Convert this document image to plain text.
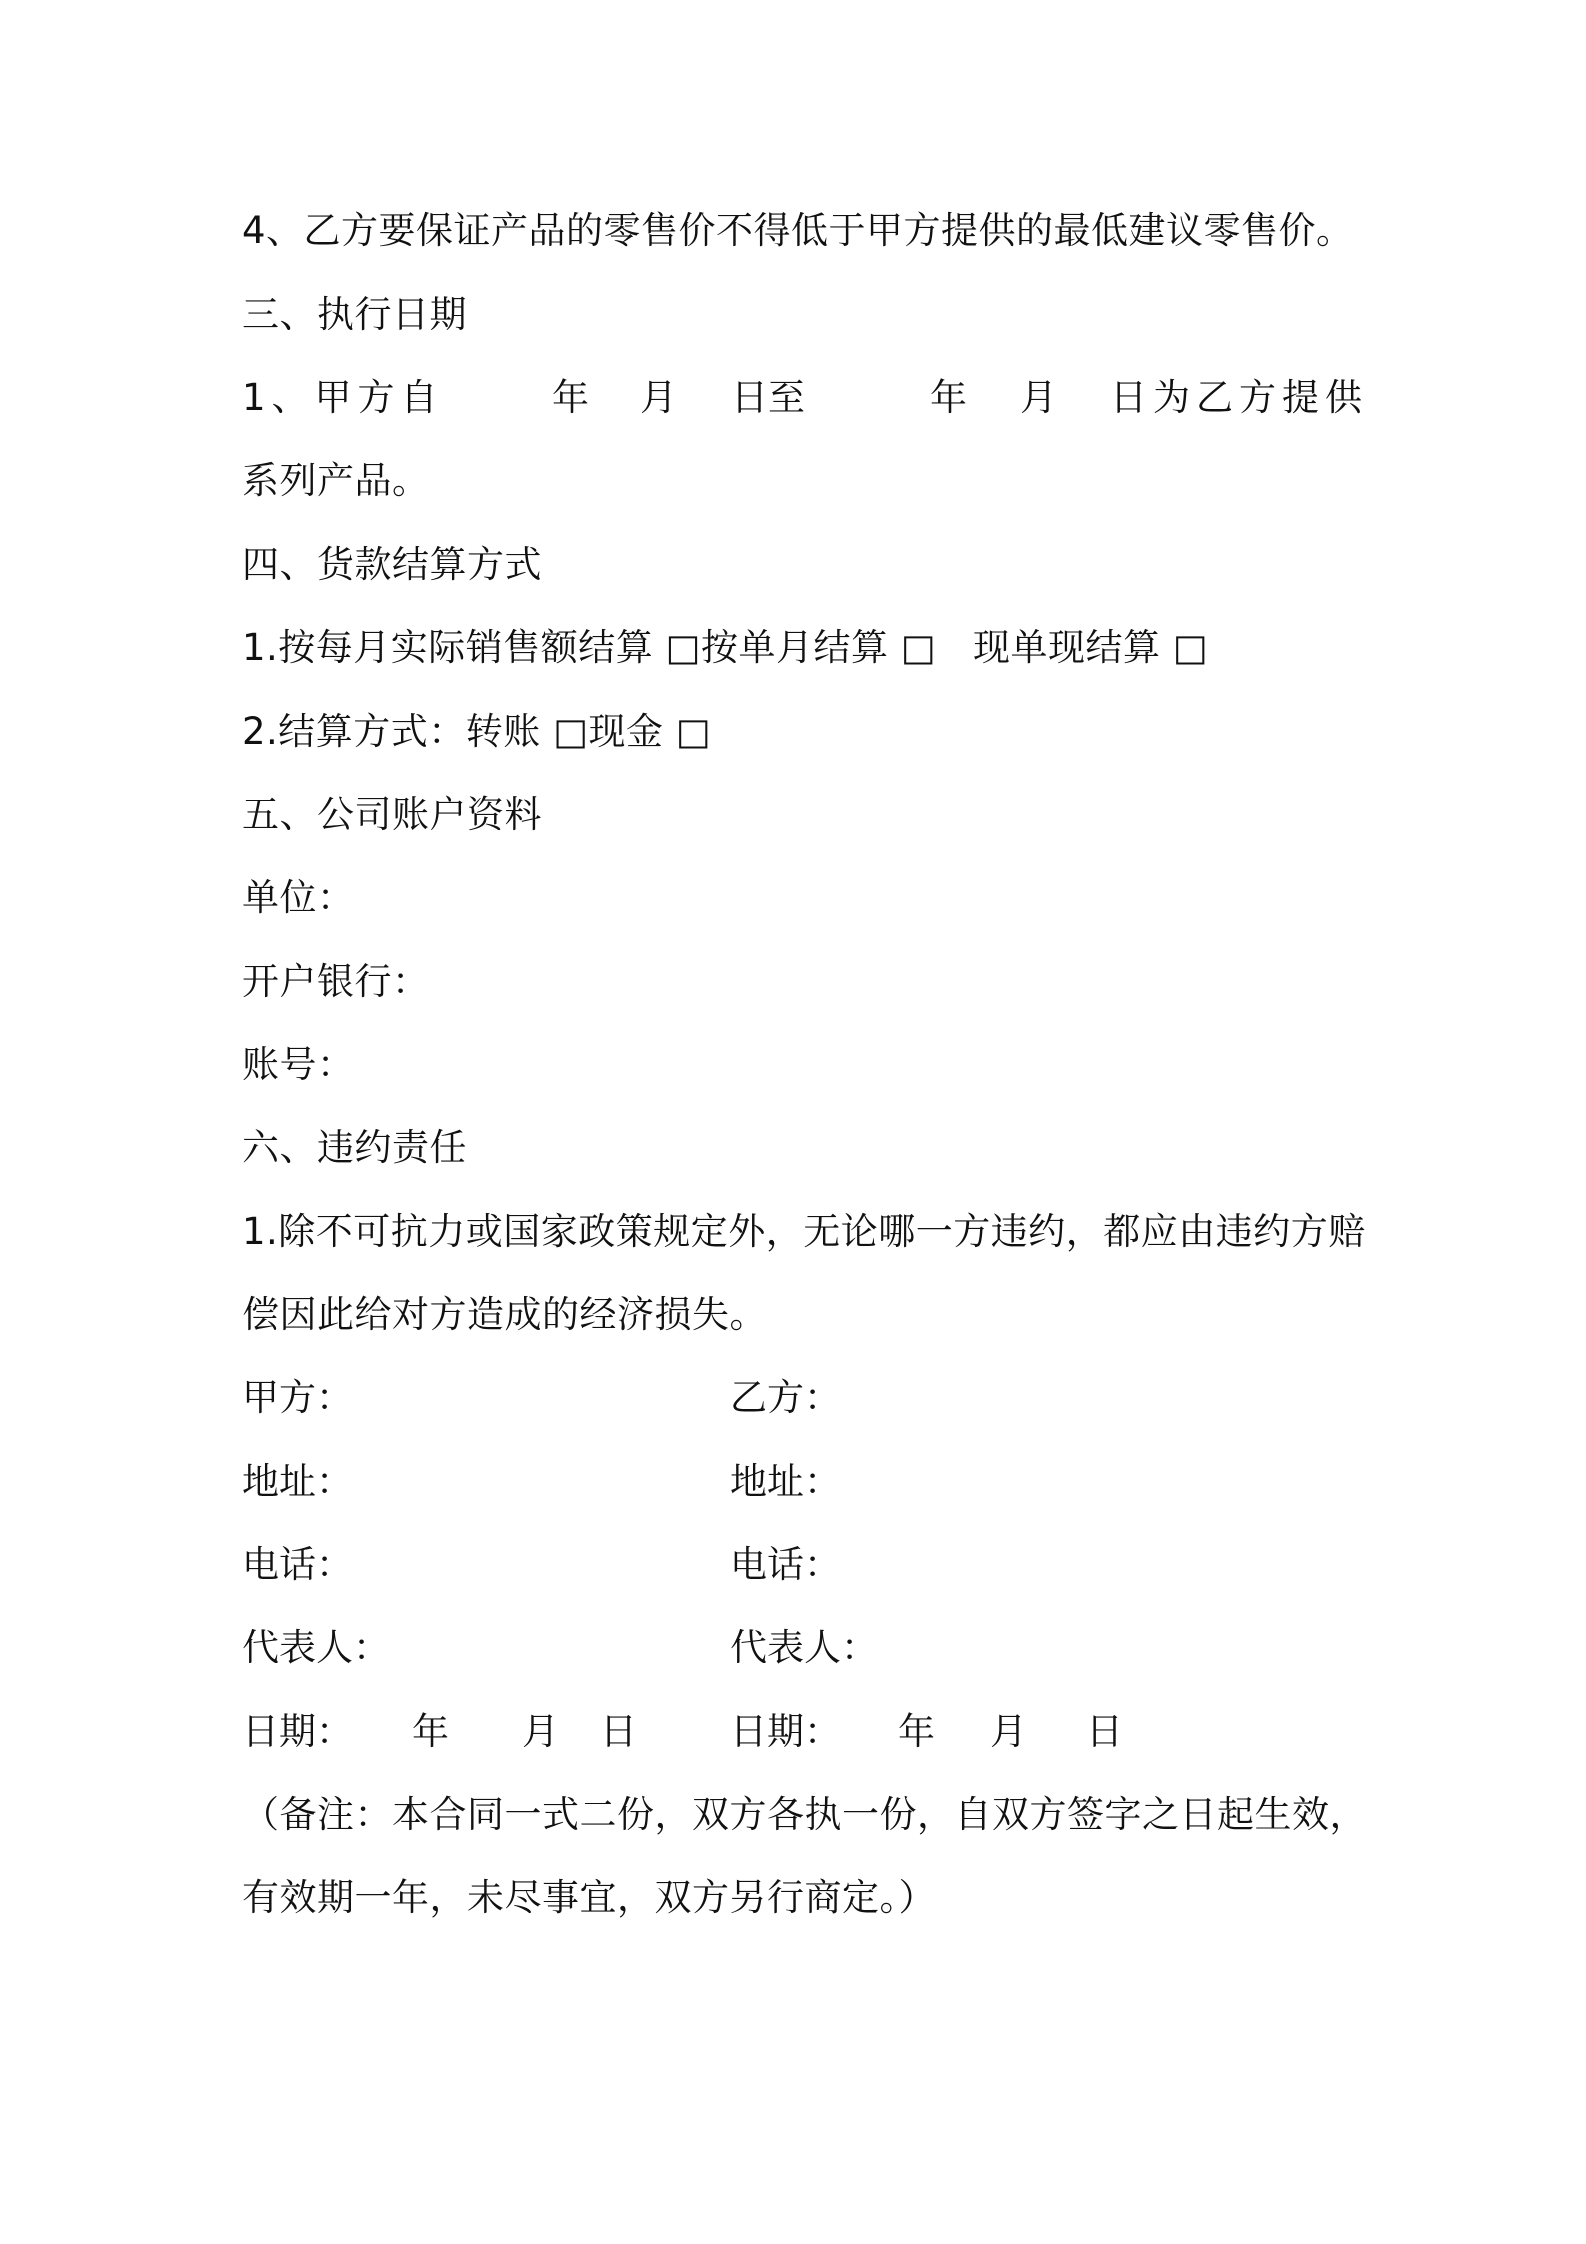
4、乙方要保证产品的零售价不得低于甲方提供的最低建议零售价。
三、执行日期
1、甲方自	年 月 日至	年 月 日为乙方提供
系列产品。
四、货款结算方式
1.按每月实际销售额结算 □按单月结算 □   现单现结算 □
2.结算方式：转账 □现金 □
五、公司账户资料
单位：
开户银行：
账号：
六、违约责任
1.除不可抗力或国家政策规定外，无论哪一方违约，都应由违约方赔
偿因此给对方造成的经济损失。
甲方：	乙方：
地址：	地址：
电话：	电话：
代表人：	代表人：
日期： 年 月 日	日期： 年 月 日
（备注：本合同一式二份，双方各执一份，自双方签字之日起生效，
有效期一年，未尽事宜，双方另行商定。）
